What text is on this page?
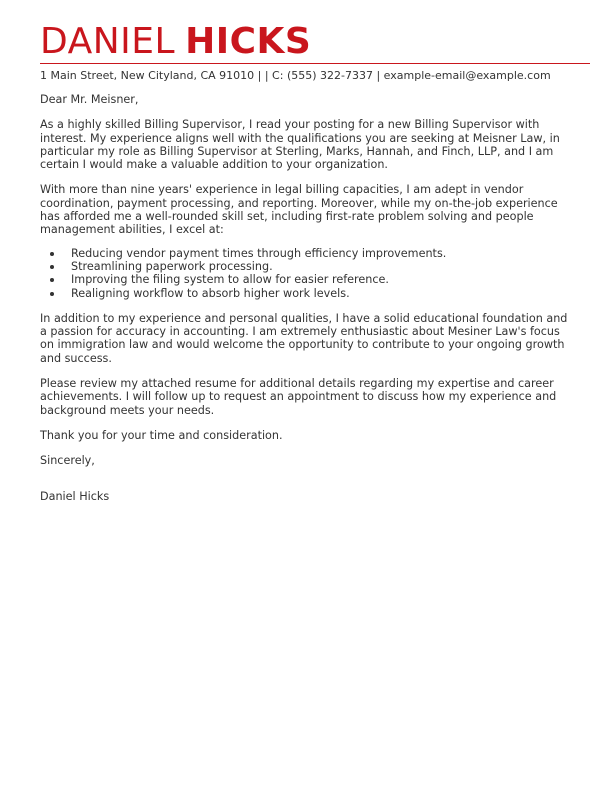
DANIEL HICKS
1 Main Street, New Cityland, CA 91010 | | C: (555) 322-7337 | example-email@example.com

Dear Mr. Meisner,

As a highly skilled Billing Supervisor, I read your posting for a new Billing Supervisor with interest. My experience aligns well with the qualifications you are seeking at Meisner Law, in particular my role as Billing Supervisor at Sterling, Marks, Hannah, and Finch, LLP, and I am certain I would make a valuable addition to your organization.

With more than nine years' experience in legal billing capacities, I am adept in vendor coordination, payment processing, and reporting. Moreover, while my on-the-job experience has afforded me a well-rounded skill set, including first-rate problem solving and people management abilities, I excel at:

Reducing vendor payment times through efficiency improvements.
Streamlining paperwork processing.
Improving the filing system to allow for easier reference.
Realigning workflow to absorb higher work levels.

In addition to my experience and personal qualities, I have a solid educational foundation and a passion for accuracy in accounting. I am extremely enthusiastic about Mesiner Law's focus on immigration law and would welcome the opportunity to contribute to your ongoing growth and success.

Please review my attached resume for additional details regarding my expertise and career achievements. I will follow up to request an appointment to discuss how my experience and background meets your needs.

Thank you for your time and consideration.

Sincerely,

Daniel Hicks
